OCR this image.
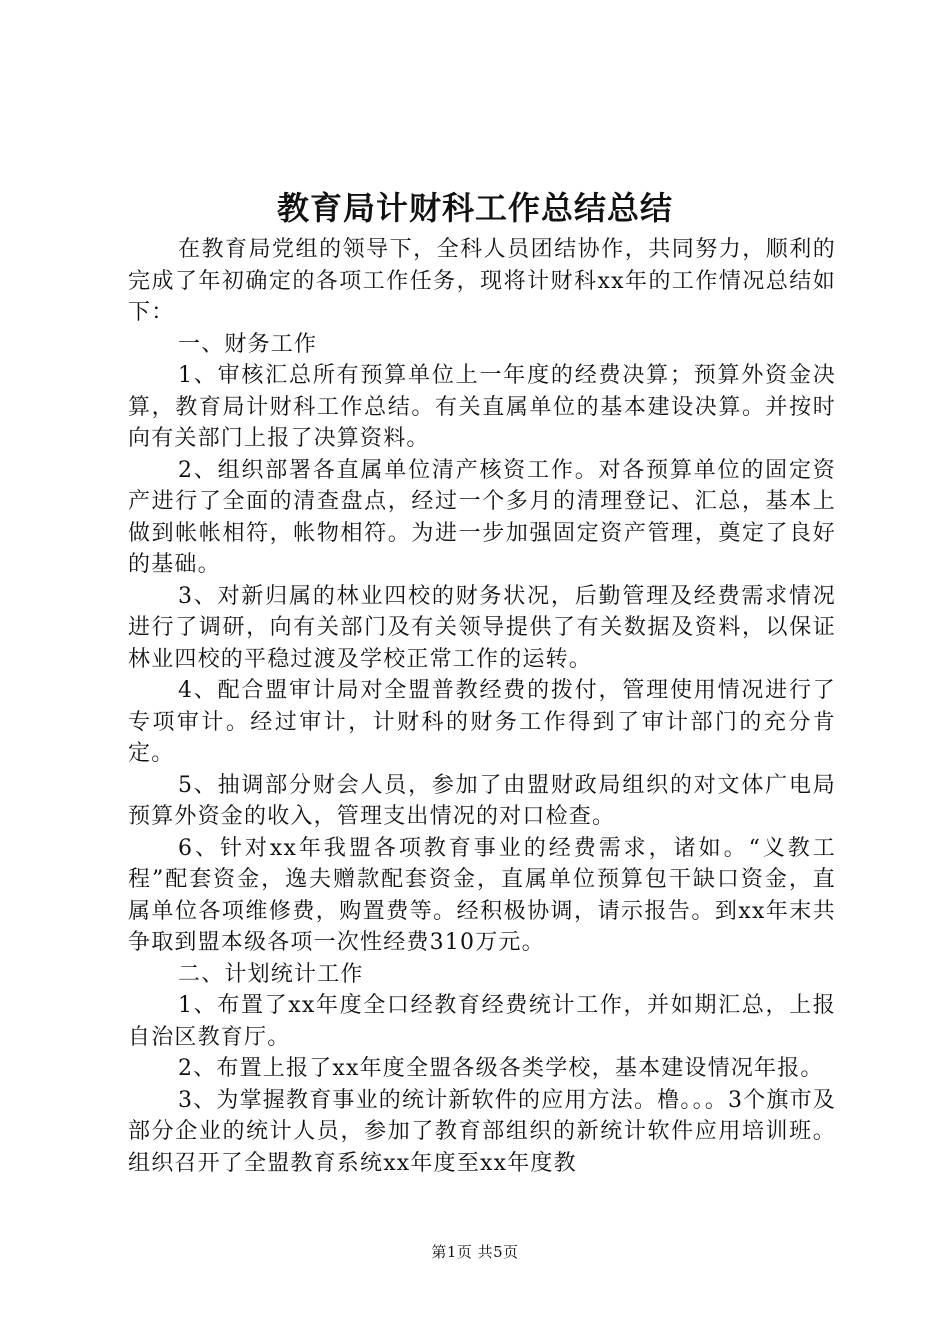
教育局计财科工作总结总结

在教育局党组的领导下，全科人员团结协作，共同努力，顺利的完成了年初确定的各项工作任务，现将计财科xx年的工作情况总结如下：

一、财务工作

1、审核汇总所有预算单位上一年度的经费决算；预算外资金决算，教育局计财科工作总结。有关直属单位的基本建设决算。并按时向有关部门上报了决算资料。

2、组织部署各直属单位清产核资工作。对各预算单位的固定资产进行了全面的清查盘点，经过一个多月的清理登记、汇总，基本上做到帐帐相符，帐物相符。为进一步加强固定资产管理，奠定了良好的基础。

3、对新归属的林业四校的财务状况，后勤管理及经费需求情况进行了调研，向有关部门及有关领导提供了有关数据及资料，以保证林业四校的平稳过渡及学校正常工作的运转。

4、配合盟审计局对全盟普教经费的拨付，管理使用情况进行了专项审计。经过审计，计财科的财务工作得到了审计部门的充分肯定。

5、抽调部分财会人员，参加了由盟财政局组织的对文体广电局预算外资金的收入，管理支出情况的对口检查。

6、针对xx年我盟各项教育事业的经费需求，诸如。“义教工程”配套资金，逸夫赠款配套资金，直属单位预算包干缺口资金，直属单位各项维修费，购置费等。经积极协调，请示报告。到xx年末共争取到盟本级各项一次性经费310万元。

二、计划统计工作

1、布置了xx年度全口经教育经费统计工作，并如期汇总，上报自治区教育厅。

2、布置上报了xx年度全盟各级各类学校，基本建设情况年报。

3、为掌握教育事业的统计新软件的应用方法。橹。。。3个旗市及部分企业的统计人员，参加了教育部组织的新统计软件应用培训班。组织召开了全盟教育系统xx年度至xx年度教

第1页 共5页
